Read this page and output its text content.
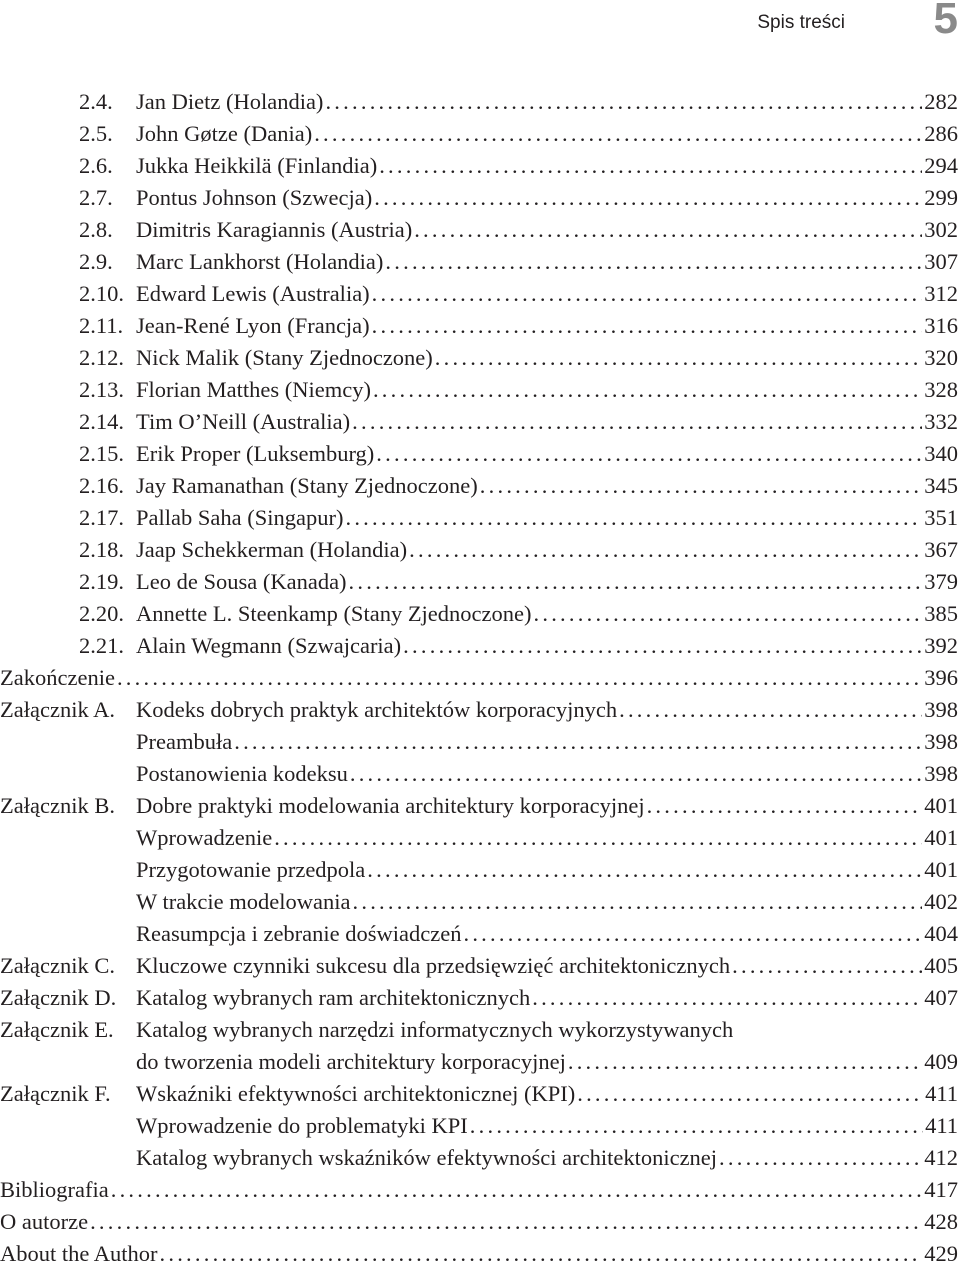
Spis treści 5
2.4. Jan Dietz (Holandia) . . .	282
2.5. John Gøtze (Dania) . . .	286
2.6. Jukka Heikkilä (Finlandia) . . .	294
2.7. Pontus Johnson (Szwecja) . . .	299
2.8. Dimitris Karagiannis (Austria) . . .	302
2.9. Marc Lankhorst (Holandia) . . .	307
2.10. Edward Lewis (Australia) . . .	312
2.11. Jean-René Lyon (Francja) . . .	316
2.12. Nick Malik (Stany Zjednoczone) . . .	320
2.13. Florian Matthes (Niemcy) . . .	328
2.14. Tim O’Neill (Australia) . . .	332
2.15. Erik Proper (Luksemburg) . . .	340
2.16. Jay Ramanathan (Stany Zjednoczone) . . .	345
2.17. Pallab Saha (Singapur) . . .	351
2.18. Jaap Schekkerman (Holandia) . . .	367
2.19. Leo de Sousa (Kanada) . . .	379
2.20. Annette L. Steenkamp (Stany Zjednoczone) . . .	385
2.21. Alain Wegmann (Szwajcaria) . . .	392
Zakończenie . . .	396
Załącznik A. Kodeks dobrych praktyk architektów korporacyjnych . . .	398
Preambuła . . .	398
Postanowienia kodeksu . . .	398
Załącznik B. Dobre praktyki modelowania architektury korporacyjnej . . .	401
Wprowadzenie . . .	401
Przygotowanie przedpola . . .	401
W trakcie modelowania . . .	402
Reasumpcja i zebranie doświadczeń . . .	404
Załącznik C. Kluczowe czynniki sukcesu dla przedsięwzięć architektonicznych . . .	405
Załącznik D. Katalog wybranych ram architektonicznych . . .	407
Załącznik E. Katalog wybranych narzędzi informatycznych wykorzystywanych
do tworzenia modeli architektury korporacyjnej . . .	409
Załącznik F. Wskaźniki efektywności architektonicznej (KPI) . . .	411
Wprowadzenie do problematyki KPI . . .	411
Katalog wybranych wskaźników efektywności architektonicznej . . .	412
Bibliografia . . .	417
O autorze . . .	428
About the Author . . .	429
